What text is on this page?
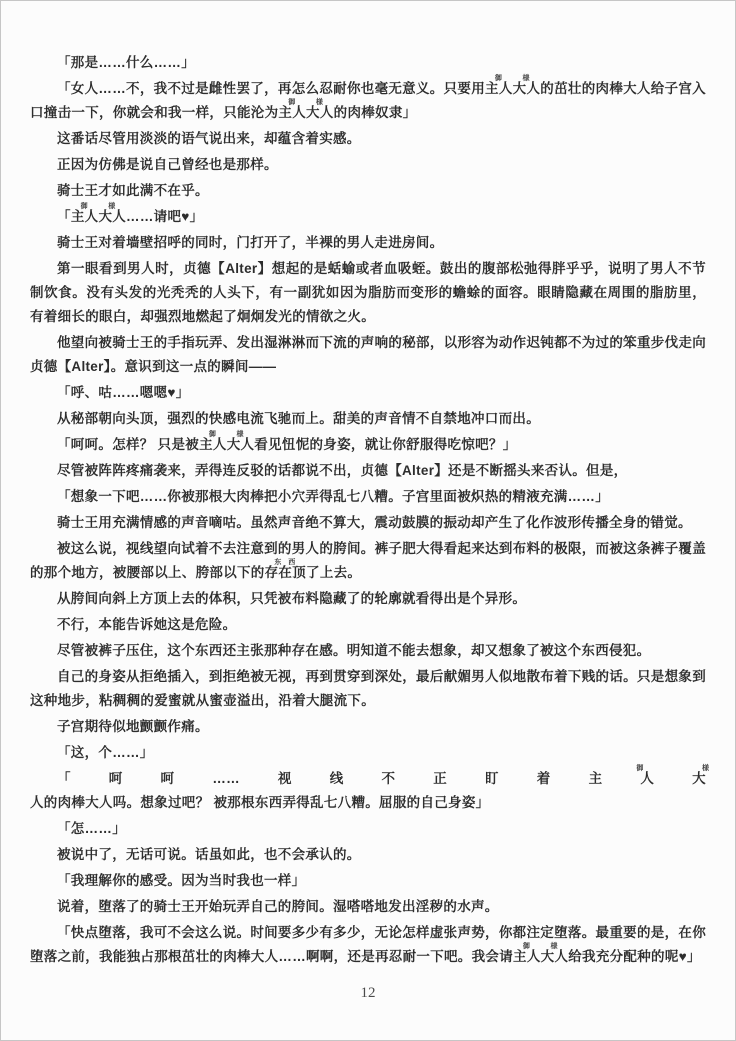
「那是……什么……」

「女人……不，我不过是雌性罢了，再怎么忍耐你也毫无意义。只要用
御
主人
様
大人的茁壮的肉棒大人给子宫入口撞击一下，你就会和我一样，只能沦为
御
主人
様
大人的肉棒奴隶」

这番话尽管用淡淡的语气说出来，却蕴含着实感。

正因为仿佛是说自己曾经也是那样。

骑士王才如此满不在乎。

「
御
主人
様
大人……请吧♥」

骑士王对着墙壁招呼的同时，门打开了，半裸的男人走进房间。

第一眼看到男人时，贞德【Alter】想起的是蛞蝓或者血吸蛭。鼓出的腹部松弛得胖乎乎，说明了男人不节制饮食。没有头发的光秃秃的人头下，有一副犹如因为脂肪而变形的蟾蜍的面容。眼睛隐藏在周围的脂肪里，有着细长的眼白，却强烈地燃起了炯炯发光的情欲之火。

他望向被骑士王的手指玩弄、发出湿淋淋而下流的声响的秘部，以形容为动作迟钝都不为过的笨重步伐走向贞德【Alter】。意识到这一点的瞬间——

「呼、咕……嗯嗯♥」

从秘部朝向头顶，强烈的快感电流飞驰而上。甜美的声音情不自禁地冲口而出。

「呵呵。怎样？ 只是被
御
主人
様
大人看见忸怩的身姿，就让你舒服得吃惊吧？」

尽管被阵阵疼痛袭来，弄得连反驳的话都说不出，贞德【Alter】还是不断摇头来否认。但是，

「想象一下吧……你被那根大肉棒把小穴弄得乱七八糟。子宫里面被炽热的精液充满……」

骑士王用充满情感的声音嘀咕。虽然声音绝不算大，震动鼓膜的振动却产生了化作波形传播全身的错觉。

被这么说，视线望向试着不去注意到的男人的胯间。裤子肥大得看起来达到布料的极限，而被这条裤子覆盖的那个地方，被腰部以上、胯部以下的
东
存
西
在顶了上去。

从胯间向斜上方顶上去的体积，只凭被布料隐藏了的轮廓就看得出是个异形。

不行，本能告诉她这是危险。

尽管被裤子压住，这个东西还主张那种存在感。明知道不能去想象，却又想象了被这个东西侵犯。

自己的身姿从拒绝插入，到拒绝被无视，再到贯穿到深处，最后献媚男人似地散布着下贱的话。只是想象到这种地步，粘稠稠的爱蜜就从蜜壶溢出，沿着大腿流下。

子宫期待似地颤颤作痛。

「这，个……」

「呵呵……视线不正盯着
御
主人
様
大人的肉棒大人吗。想象过吧？ 被那根东西弄得乱七八糟。屈服的自己身姿」

「怎……」

被说中了，无话可说。话虽如此，也不会承认的。

「我理解你的感受。因为当时我也一样」

说着，堕落了的骑士王开始玩弄自己的胯间。湿嗒嗒地发出淫秽的水声。

「快点堕落，我可不会这么说。时间要多少有多少，无论怎样虚张声势，你都注定堕落。最重要的是，在你堕落之前，我能独占那根茁壮的肉棒大人……啊啊，还是再忍耐一下吧。我会请
御
主人
様
大人给我充分配种的呢♥」

12
